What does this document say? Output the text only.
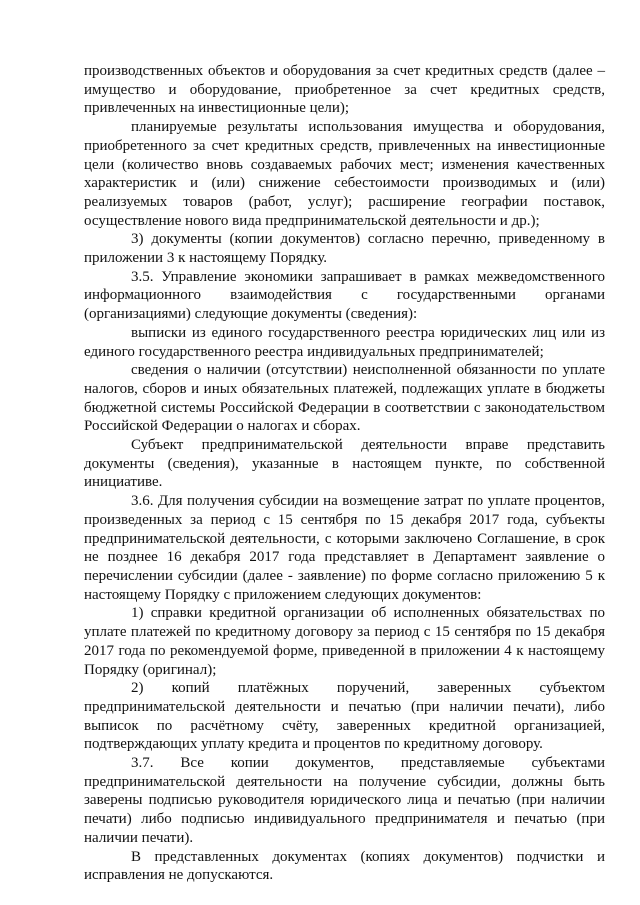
производственных объектов и оборудования за счет кредитных средств (далее – имущество и оборудование, приобретенное за счет кредитных средств, привлеченных на инвестиционные цели);

планируемые результаты использования имущества и оборудования, приобретенного за счет кредитных средств, привлеченных на инвестиционные цели (количество вновь создаваемых рабочих мест; изменения качественных характеристик и (или) снижение себестоимости производимых и (или) реализуемых товаров (работ, услуг); расширение географии поставок, осуществление нового вида предпринимательской деятельности и др.);

3) документы (копии документов) согласно перечню, приведенному в приложении 3 к настоящему Порядку.

3.5. Управление экономики запрашивает в рамках межведомственного информационного взаимодействия с государственными органами (организациями) следующие документы (сведения):

выписки из единого государственного реестра юридических лиц или из единого государственного реестра индивидуальных предпринимателей;

сведения о наличии (отсутствии) неисполненной обязанности по уплате налогов, сборов и иных обязательных платежей, подлежащих уплате в бюджеты бюджетной системы Российской Федерации в соответствии с законодательством Российской Федерации о налогах и сборах.

Субъект предпринимательской деятельности вправе представить документы (сведения), указанные в настоящем пункте, по собственной инициативе.

3.6. Для получения субсидии на возмещение затрат по уплате процентов, произведенных за период с 15 сентября по 15 декабря 2017 года, субъекты предпринимательской деятельности, с которыми заключено Соглашение, в срок не позднее 16 декабря 2017 года представляет в Департамент заявление о перечислении субсидии (далее - заявление) по форме согласно приложению 5 к настоящему Порядку с приложением следующих документов:

1) справки кредитной организации об исполненных обязательствах по уплате платежей по кредитному договору за период с 15 сентября по 15 декабря 2017 года по рекомендуемой форме, приведенной в приложении 4 к настоящему Порядку (оригинал);

2) копий платёжных поручений, заверенных субъектом предпринимательской деятельности и печатью (при наличии печати), либо выписок по расчётному счёту, заверенных кредитной организацией, подтверждающих уплату кредита и процентов по кредитному договору.

3.7. Все копии документов, представляемые субъектами предпринимательской деятельности на получение субсидии, должны быть заверены подписью руководителя юридического лица и печатью (при наличии печати) либо подписью индивидуального предпринимателя и печатью (при наличии печати).

В представленных документах (копиях документов) подчистки и исправления не допускаются.
